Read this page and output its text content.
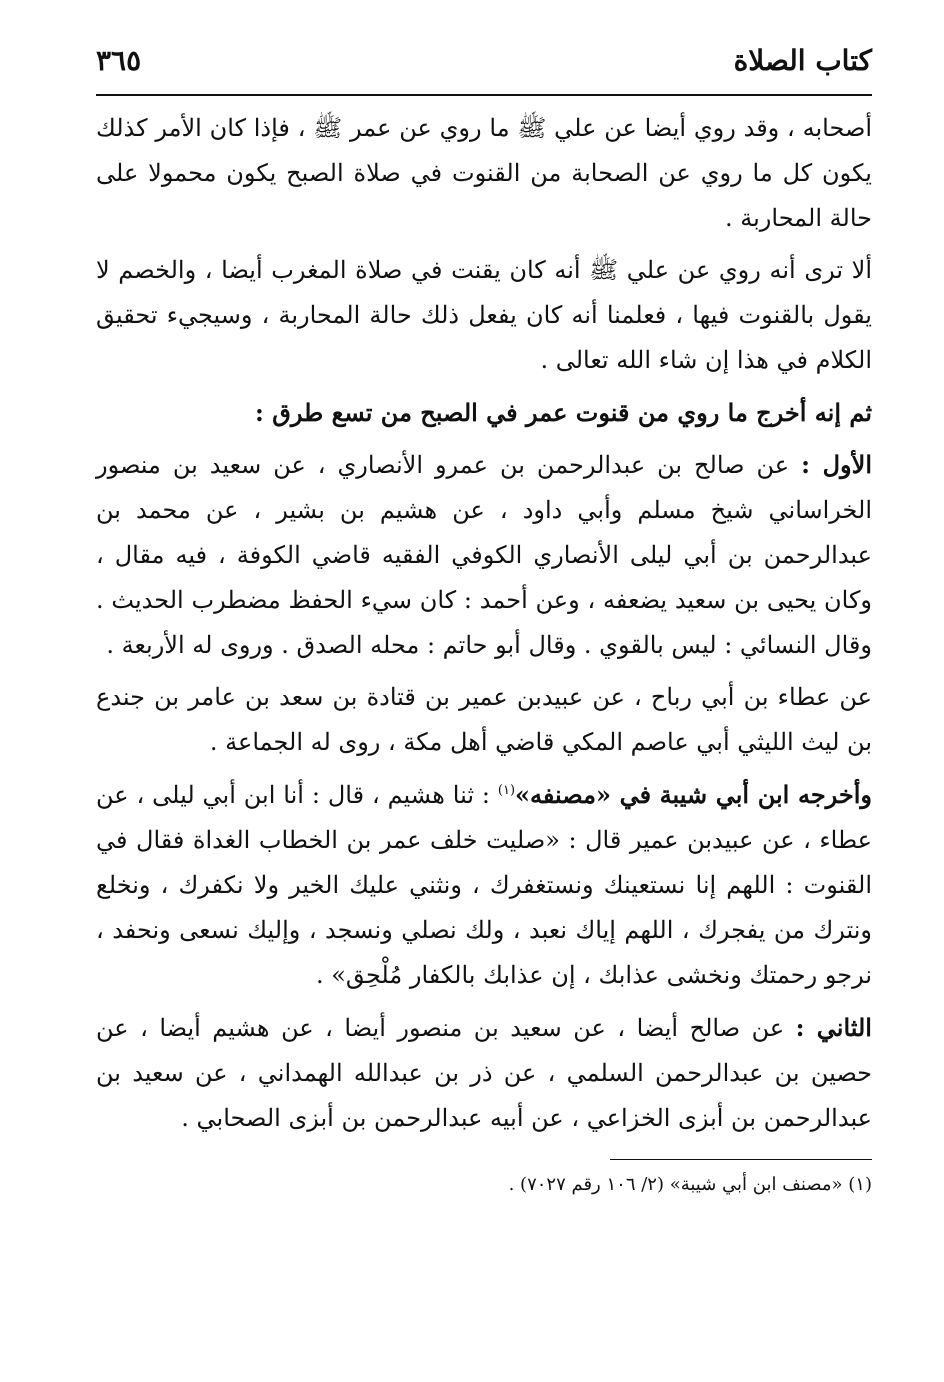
كتاب الصلاة
٣٦٥

أصحابه ، وقد روي أيضا عن علي ﷺ ما روي عن عمر ﷺ ، فإذا كان الأمر كذلك يكون كل ما روي عن الصحابة من القنوت في صلاة الصبح يكون محمولا على حالة المحاربة .

ألا ترى أنه روي عن علي ﷺ أنه كان يقنت في صلاة المغرب أيضا ، والخصم لا يقول بالقنوت فيها ، فعلمنا أنه كان يفعل ذلك حالة المحاربة ، وسيجيء تحقيق الكلام في هذا إن شاء الله تعالى .

ثم إنه أخرج ما روي من قنوت عمر في الصبح من تسع طرق :

الأول : عن صالح بن عبدالرحمن بن عمرو الأنصاري ، عن سعيد بن منصور الخراساني شيخ مسلم وأبي داود ، عن هشيم بن بشير ، عن محمد بن عبدالرحمن بن أبي ليلى الأنصاري الكوفي الفقيه قاضي الكوفة ، فيه مقال ، وكان يحيى بن سعيد يضعفه ، وعن أحمد : كان سيء الحفظ مضطرب الحديث . وقال النسائي : ليس بالقوي . وقال أبو حاتم : محله الصدق . وروى له الأربعة .

عن عطاء بن أبي رباح ، عن عبيدبن عمير بن قتادة بن سعد بن عامر بن جندع بن ليث الليثي أبي عاصم المكي قاضي أهل مكة ، روى له الجماعة .

وأخرجه ابن أبي شيبة في «مصنفه»$^{(١)}$ : ثنا هشيم ، قال : أنا ابن أبي ليلى ، عن عطاء ، عن عبيدبن عمير قال : «صليت خلف عمر بن الخطاب الغداة فقال في القنوت : اللهم إنا نستعينك ونستغفرك ، ونثني عليك الخير ولا نكفرك ، ونخلع ونترك من يفجرك ، اللهم إياك نعبد ، ولك نصلي ونسجد ، وإليك نسعى ونحفد ، نرجو رحمتك ونخشى عذابك ، إن عذابك بالكفار مُلْحِق» .

الثاني : عن صالح أيضا ، عن سعيد بن منصور أيضا ، عن هشيم أيضا ، عن حصين بن عبدالرحمن السلمي ، عن ذر بن عبدالله الهمداني ، عن سعيد بن عبدالرحمن بن أبزى الخزاعي ، عن أبيه عبدالرحمن بن أبزى الصحابي .

(١) «مصنف ابن أبي شيبة» (٢/ ١٠٦ رقم ٧٠٢٧) .
